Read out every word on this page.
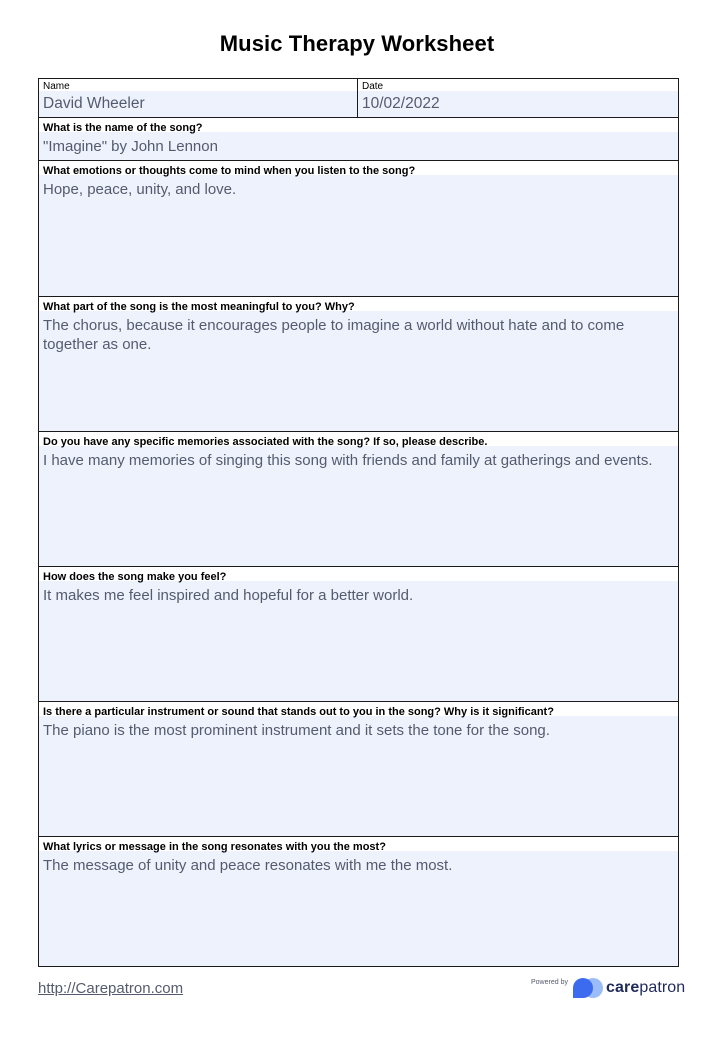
Music Therapy Worksheet
Name
David Wheeler
Date
10/02/2022
What is the name of the song?
"Imagine" by John Lennon
What emotions or thoughts come to mind when you listen to the song?
Hope, peace, unity, and love.
What part of the song is the most meaningful to you? Why?
The chorus, because it encourages people to imagine a world without hate and to come together as one.
Do you have any specific memories associated with the song? If so, please describe.
I have many memories of singing this song with friends and family at gatherings and events.
How does the song make you feel?
It makes me feel inspired and hopeful for a better world.
Is there a particular instrument or sound that stands out to you in the song? Why is it significant?
The piano is the most prominent instrument and it sets the tone for the song.
What lyrics or message in the song resonates with you the most?
The message of unity and peace resonates with me the most.
http://Carepatron.com	Powered by carepatron
